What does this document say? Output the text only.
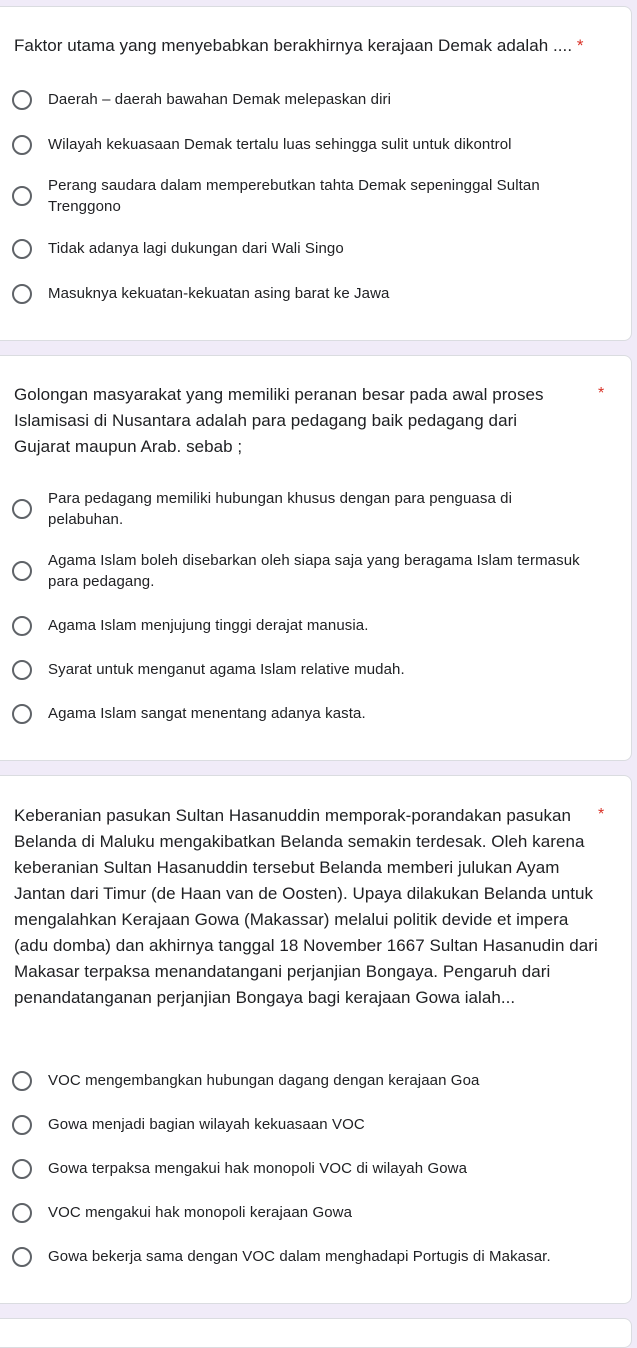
Faktor utama yang menyebabkan berakhirnya kerajaan Demak adalah .... *
Daerah – daerah bawahan Demak melepaskan diri
Wilayah kekuasaan Demak tertalu luas sehingga sulit untuk dikontrol
Perang saudara dalam memperebutkan tahta Demak sepeninggal Sultan Trenggono
Tidak adanya lagi dukungan dari Wali Singo
Masuknya kekuatan-kekuatan asing barat ke Jawa
Golongan masyarakat yang memiliki peranan besar pada awal proses Islamisasi di Nusantara adalah para pedagang baik pedagang dari Gujarat maupun Arab. sebab ;
*
Para pedagang memiliki hubungan khusus dengan para penguasa di pelabuhan.
Agama Islam boleh disebarkan oleh siapa saja yang beragama Islam termasuk para pedagang.
Agama Islam menjujung tinggi derajat manusia.
Syarat untuk menganut agama Islam relative mudah.
Agama Islam sangat menentang adanya kasta.
Keberanian pasukan Sultan Hasanuddin memporak-porandakan pasukan Belanda di Maluku mengakibatkan Belanda semakin terdesak. Oleh karena keberanian Sultan Hasanuddin tersebut Belanda memberi julukan Ayam Jantan dari Timur (de Haan van de Oosten). Upaya dilakukan Belanda untuk mengalahkan Kerajaan Gowa (Makassar) melalui politik devide et impera (adu domba) dan akhirnya tanggal 18 November 1667 Sultan Hasanudin dari Makasar terpaksa menandatangani perjanjian Bongaya. Pengaruh dari penandatanganan perjanjian Bongaya bagi kerajaan Gowa ialah...
*
VOC mengembangkan hubungan dagang dengan kerajaan Goa
Gowa menjadi bagian wilayah kekuasaan VOC
Gowa terpaksa mengakui hak monopoli VOC di wilayah Gowa
VOC mengakui hak monopoli kerajaan Gowa
Gowa bekerja sama dengan VOC dalam menghadapi Portugis di Makasar.
